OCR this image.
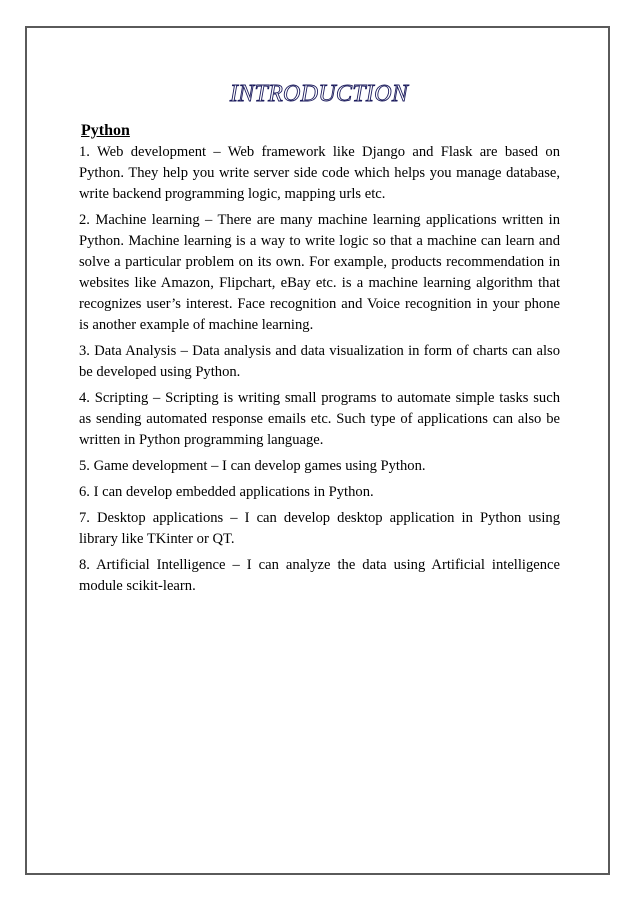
INTRODUCTION
Python

1. Web development – Web framework like Django and Flask are based on Python. They help you write server side code which helps you manage database, write backend programming logic, mapping urls etc.

2. Machine learning – There are many machine learning applications written in Python. Machine learning is a way to write logic so that a machine can learn and solve a particular problem on its own. For example, products recommendation in websites like Amazon, Flipchart, eBay etc. is a machine learning algorithm that recognizes user’s interest. Face recognition and Voice recognition in your phone is another example of machine learning.

3. Data Analysis – Data analysis and data visualization in form of charts can also be developed using Python.

4. Scripting – Scripting is writing small programs to automate simple tasks such as sending automated response emails etc. Such type of applications can also be written in Python programming language.

5. Game development – I can develop games using Python.

6. I can develop embedded applications in Python.

7. Desktop applications – I can develop desktop application in Python using library like TKinter or QT.

8. Artificial Intelligence – I can analyze the data using Artificial intelligence module scikit-learn.
